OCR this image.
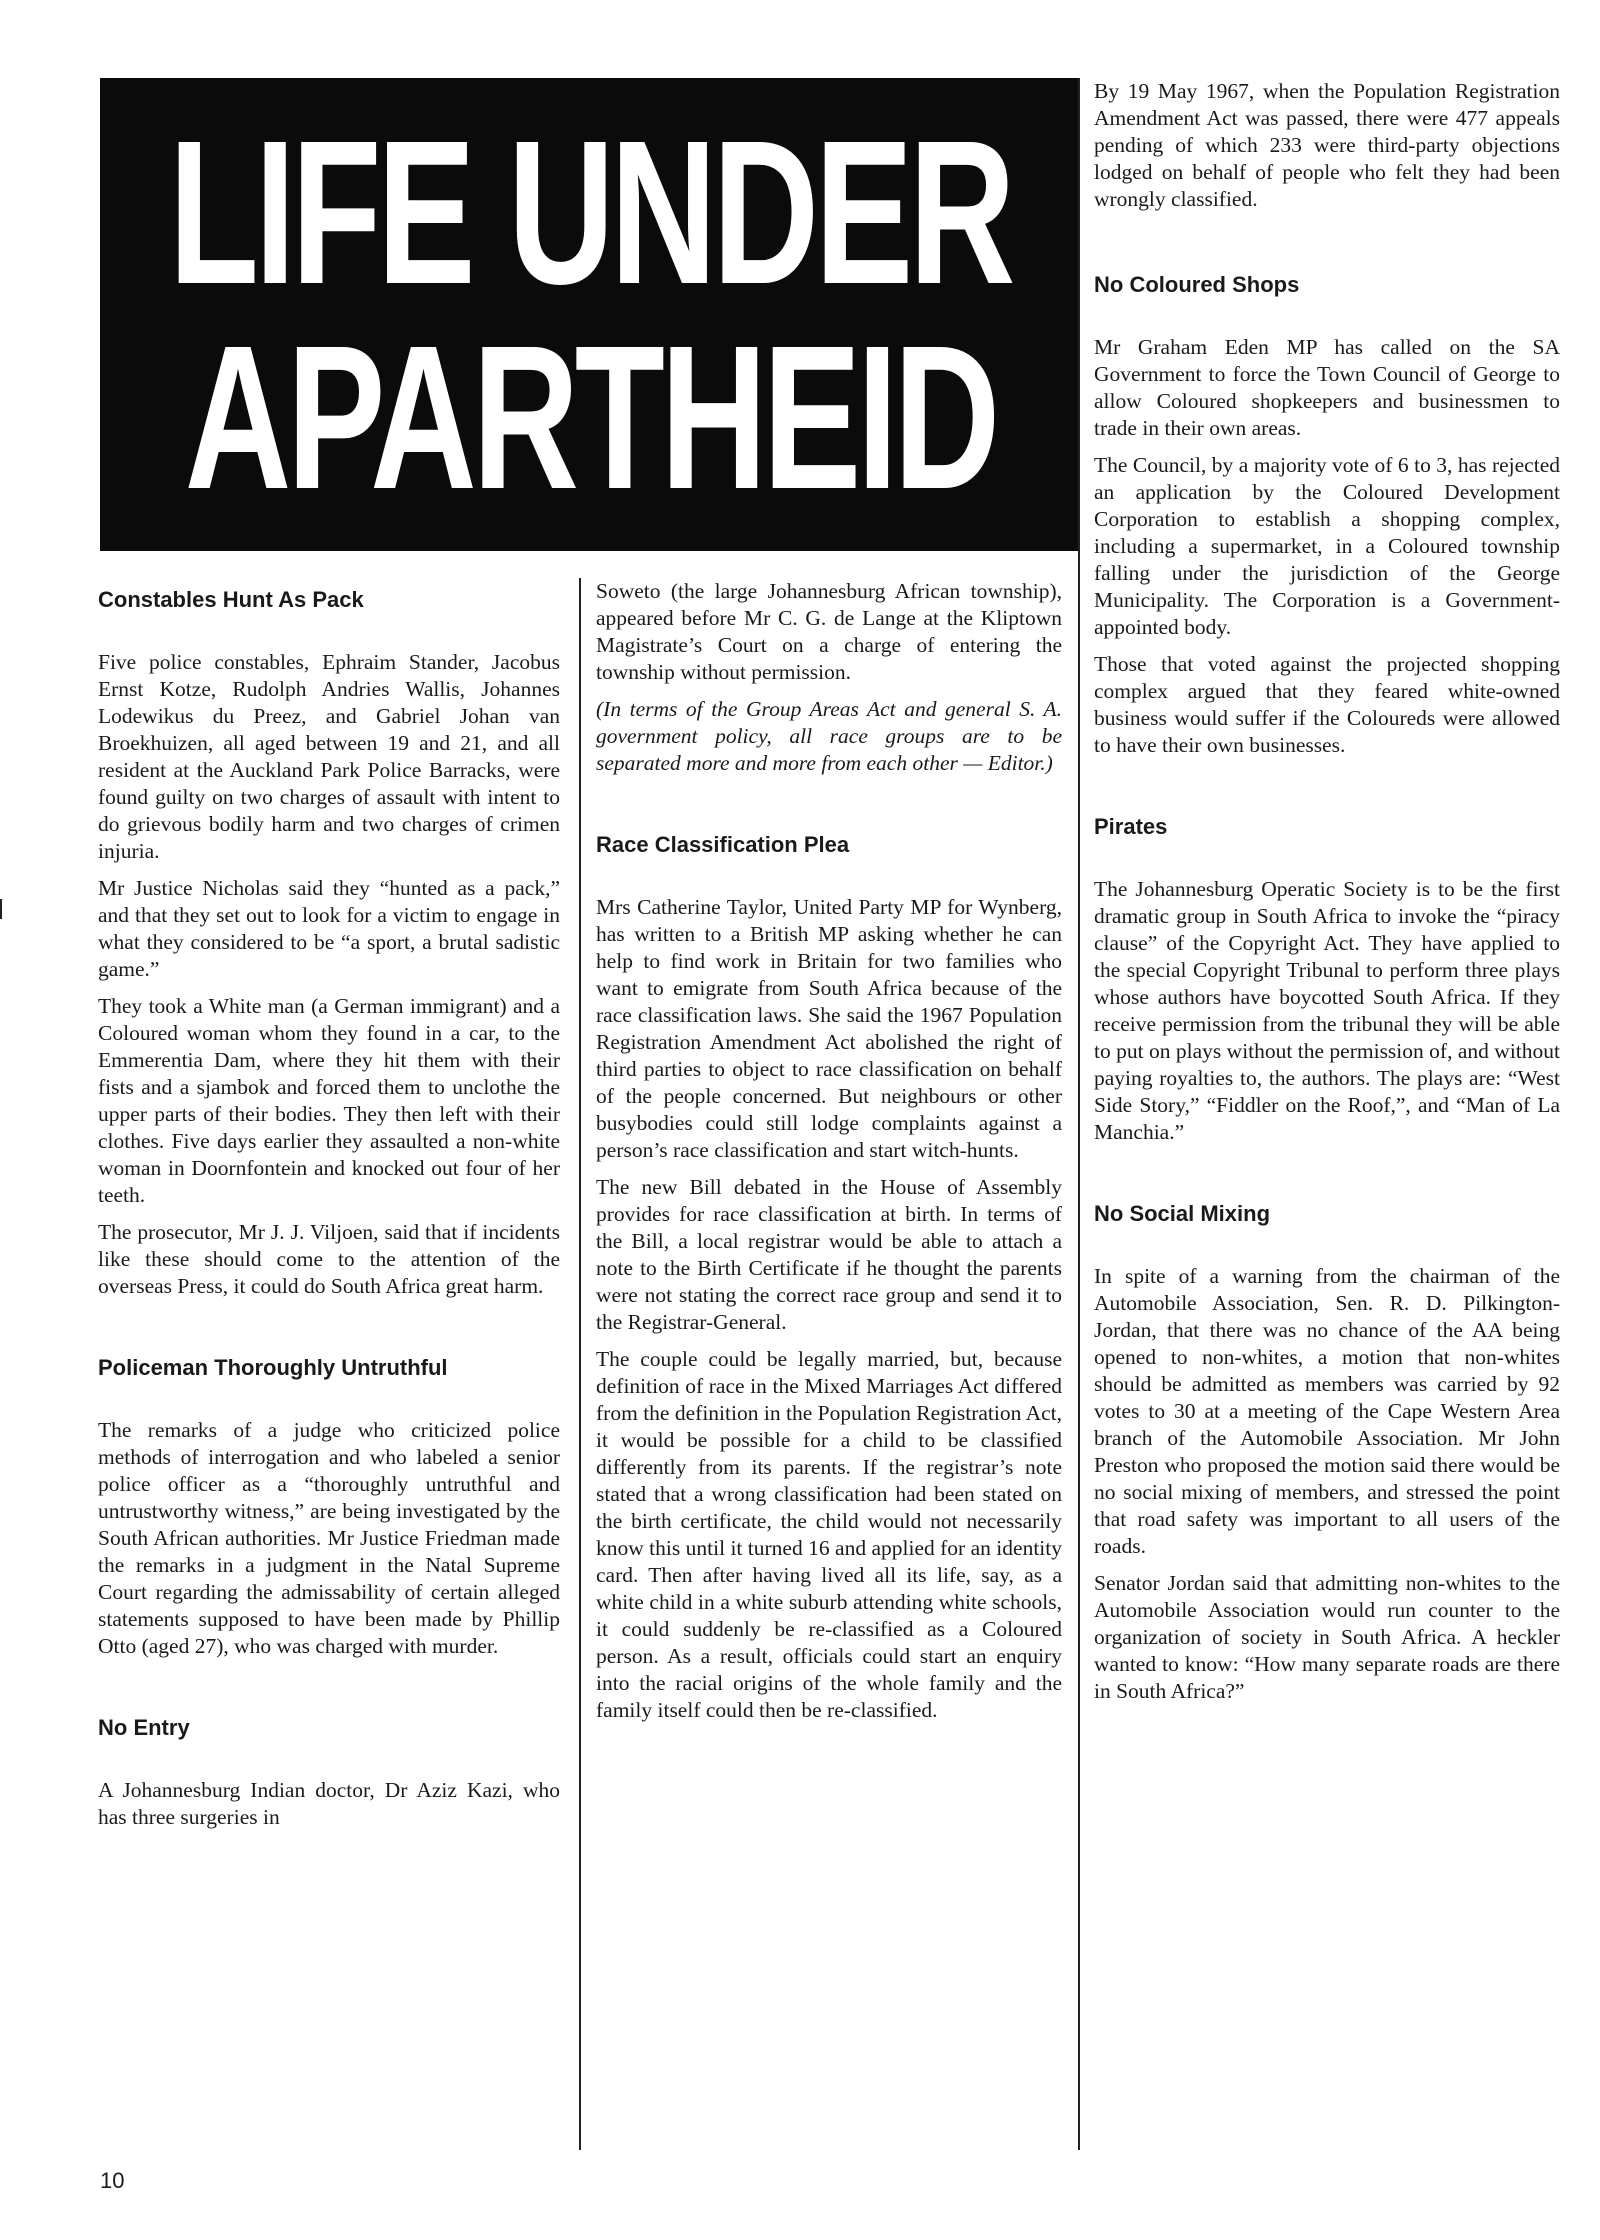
LIFE UNDER
APARTHEID
Constables Hunt As Pack

Five police constables, Ephraim Stander, Jacobus Ernst Kotze, Rudolph Andries Wallis, Johannes Lodewikus du Preez, and Gabriel Johan van Broekhuizen, all aged between 19 and 21, and all resident at the Auckland Park Police Barracks, were found guilty on two charges of assault with intent to do grievous bodily harm and two charges of crimen injuria.

Mr Justice Nicholas said they “hunted as a pack,” and that they set out to look for a victim to engage in what they considered to be “a sport, a brutal sadistic game.”

They took a White man (a German immigrant) and a Coloured woman whom they found in a car, to the Emmerentia Dam, where they hit them with their fists and a sjambok and forced them to unclothe the upper parts of their bodies. They then left with their clothes. Five days earlier they assaulted a non-white woman in Doornfontein and knocked out four of her teeth.

The prosecutor, Mr J. J. Viljoen, said that if incidents like these should come to the attention of the overseas Press, it could do South Africa great harm.

Policeman Thoroughly Untruthful

The remarks of a judge who criticized police methods of interrogation and who labeled a senior police officer as a “thoroughly untruthful and untrustworthy witness,” are being investigated by the South African authorities. Mr Justice Friedman made the remarks in a judgment in the Natal Supreme Court regarding the admissability of certain alleged statements supposed to have been made by Phillip Otto (aged 27), who was charged with murder.

No Entry

A Johannesburg Indian doctor, Dr Aziz Kazi, who has three surgeries in

Soweto (the large Johannesburg African township), appeared before Mr C. G. de Lange at the Kliptown Magistrate’s Court on a charge of entering the township without permission.

(In terms of the Group Areas Act and general S. A. government policy, all race groups are to be separated more and more from each other — Editor.)

Race Classification Plea

Mrs Catherine Taylor, United Party MP for Wynberg, has written to a British MP asking whether he can help to find work in Britain for two families who want to emigrate from South Africa because of the race classification laws. She said the 1967 Population Registration Amendment Act abolished the right of third parties to object to race classification on behalf of the people concerned. But neighbours or other busybodies could still lodge complaints against a person’s race classification and start witch-hunts.

The new Bill debated in the House of Assembly provides for race classification at birth. In terms of the Bill, a local registrar would be able to attach a note to the Birth Certificate if he thought the parents were not stating the correct race group and send it to the Registrar-General.

The couple could be legally married, but, because definition of race in the Mixed Marriages Act differed from the definition in the Population Registration Act, it would be possible for a child to be classified differently from its parents. If the registrar’s note stated that a wrong classification had been stated on the birth certificate, the child would not necessarily know this until it turned 16 and applied for an identity card. Then after having lived all its life, say, as a white child in a white suburb attending white schools, it could suddenly be re-classified as a Coloured person. As a result, officials could start an enquiry into the racial origins of the whole family and the family itself could then be re-classified.

By 19 May 1967, when the Population Registration Amendment Act was passed, there were 477 appeals pending of which 233 were third-party objections lodged on behalf of people who felt they had been wrongly classified.

No Coloured Shops

Mr Graham Eden MP has called on the SA Government to force the Town Council of George to allow Coloured shopkeepers and businessmen to trade in their own areas.

The Council, by a majority vote of 6 to 3, has rejected an application by the Coloured Development Corporation to establish a shopping complex, including a supermarket, in a Coloured township falling under the jurisdiction of the George Municipality. The Corporation is a Government-appointed body.

Those that voted against the projected shopping complex argued that they feared white-owned business would suffer if the Coloureds were allowed to have their own businesses.

Pirates

The Johannesburg Operatic Society is to be the first dramatic group in South Africa to invoke the “piracy clause” of the Copyright Act. They have applied to the special Copyright Tribunal to perform three plays whose authors have boycotted South Africa. If they receive permission from the tribunal they will be able to put on plays without the permission of, and without paying royalties to, the authors. The plays are: “West Side Story,” “Fiddler on the Roof,”, and “Man of La Manchia.”

No Social Mixing

In spite of a warning from the chairman of the Automobile Association, Sen. R. D. Pilkington-Jordan, that there was no chance of the AA being opened to non-whites, a motion that non-whites should be admitted as members was carried by 92 votes to 30 at a meeting of the Cape Western Area branch of the Automobile Association. Mr John Preston who proposed the motion said there would be no social mixing of members, and stressed the point that road safety was important to all users of the roads.

Senator Jordan said that admitting non-whites to the Automobile Association would run counter to the organization of society in South Africa. A heckler wanted to know: “How many separate roads are there in South Africa?”

10
